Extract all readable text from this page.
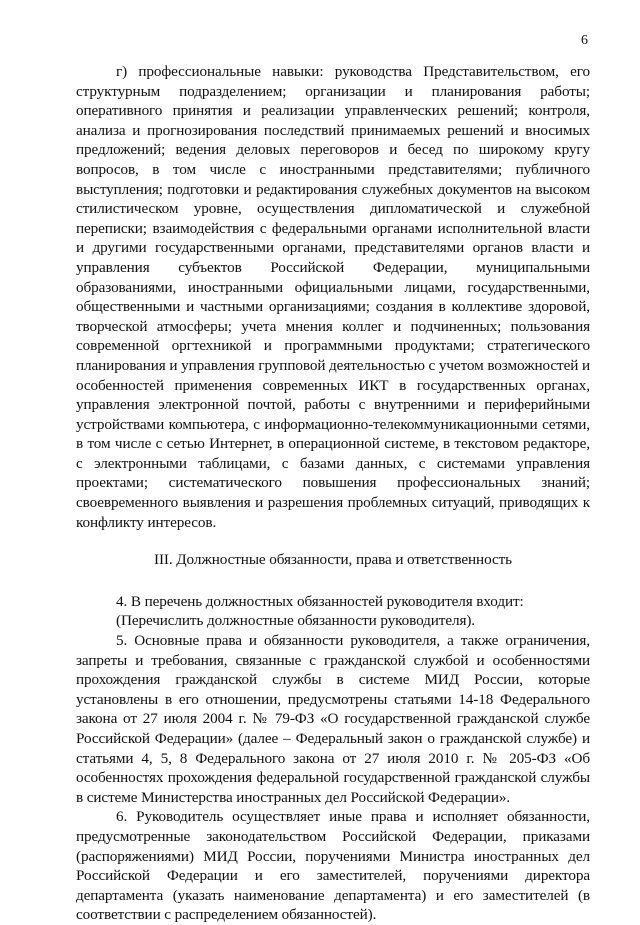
6

г) профессиональные навыки: руководства Представительством, его структурным подразделением; организации и планирования работы; оперативного принятия и реализации управленческих решений; контроля, анализа и прогнозирования последствий принимаемых решений и вносимых предложений; ведения деловых переговоров и бесед по широкому кругу вопросов, в том числе с иностранными представителями; публичного выступления; подготовки и редактирования служебных документов на высоком стилистическом уровне, осуществления дипломатической и служебной переписки; взаимодействия с федеральными органами исполнительной власти и другими государственными органами, представителями органов власти и управления субъектов Российской Федерации, муниципальными образованиями, иностранными официальными лицами, государственными, общественными и частными организациями; создания в коллективе здоровой, творческой атмосферы; учета мнения коллег и подчиненных; пользования современной оргтехникой и программными продуктами; стратегического планирования и управления групповой деятельностью с учетом возможностей и особенностей применения современных ИКТ в государственных органах, управления электронной почтой, работы с внутренними и периферийными устройствами компьютера, с информационно-телекоммуникационными сетями, в том числе с сетью Интернет, в операционной системе, в текстовом редакторе, с электронными таблицами, с базами данных, с системами управления проектами; систематического повышения профессиональных знаний; своевременного выявления и разрешения проблемных ситуаций, приводящих к конфликту интересов.

III. Должностные обязанности, права и ответственность

4. В перечень должностных обязанностей руководителя входит:

(Перечислить должностные обязанности руководителя).

5. Основные права и обязанности руководителя, а также ограничения, запреты и требования, связанные с гражданской службой и особенностями прохождения гражданской службы в системе МИД России, которые установлены в его отношении, предусмотрены статьями 14-18 Федерального закона от 27 июля 2004 г. № 79-ФЗ «О государственной гражданской службе Российской Федерации» (далее – Федеральный закон о гражданской службе) и статьями 4, 5, 8 Федерального закона от 27 июля 2010 г. № 205-ФЗ «Об особенностях прохождения федеральной государственной гражданской службы в системе Министерства иностранных дел Российской Федерации».

6. Руководитель осуществляет иные права и исполняет обязанности, предусмотренные законодательством Российской Федерации, приказами (распоряжениями) МИД России, поручениями Министра иностранных дел Российской Федерации и его заместителей, поручениями директора департамента (указать наименование департамента) и его заместителей (в соответствии с распределением обязанностей).
